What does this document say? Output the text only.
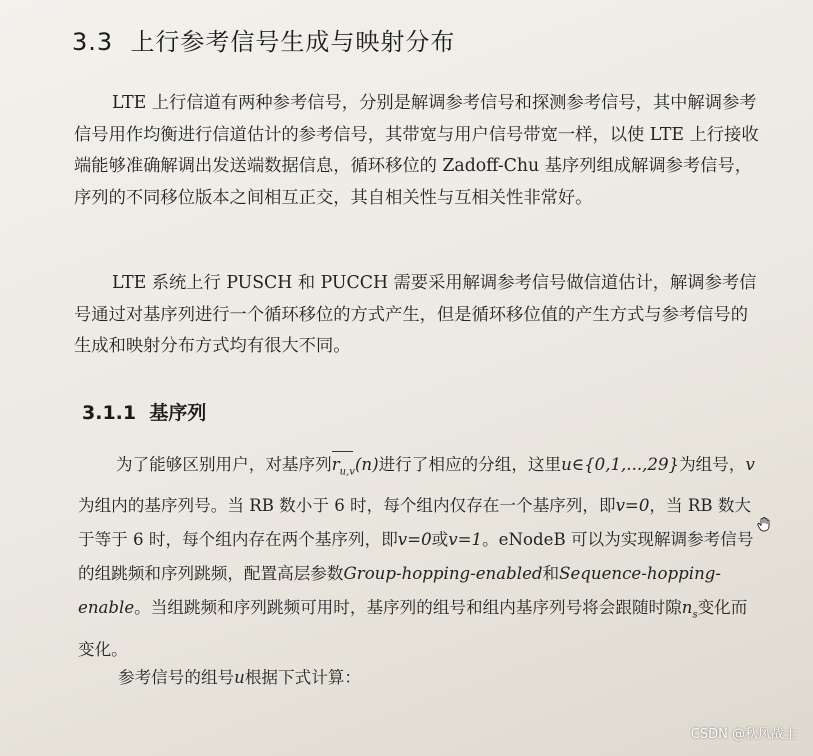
3.3 上行参考信号生成与映射分布

LTE 上行信道有两种参考信号，分别是解调参考信号和探测参考信号，其中解调参考信号用作均衡进行信道估计的参考信号，其带宽与用户信号带宽一样，以使 LTE 上行接收端能够准确解调出发送端数据信息，循环移位的 Zadoff-Chu 基序列组成解调参考信号，序列的不同移位版本之间相互正交，其自相关性与互相关性非常好。

LTE 系统上行 PUSCH 和 PUCCH 需要采用解调参考信号做信道估计，解调参考信号通过对基序列进行一个循环移位的方式产生，但是循环移位值的产生方式与参考信号的生成和映射分布方式均有很大不同。

3.1.1 基序列

为了能够区别用户，对基序列
$r_{u,v}(n)$进行了相应的分组，这里u∈{0,1,...,29}为组号，v为组内的基序列号。当 RB 数小于 6 时，每个组内仅存在一个基序列，即v=0，当 RB 数大于等于 6 时，每个组内存在两个基序列，即v=0或v=1。eNodeB 可以为实现解调参考信号的组跳频和序列跳频，配置高层参数Group-hopping-enabled和Sequence-hopping-enable。当组跳频和序列跳频可用时，基序列的组号和组内基序列号将会跟随时隙$n_s$变化而变化。

参考信号的组号u根据下式计算：

CSDN @秋风战士
